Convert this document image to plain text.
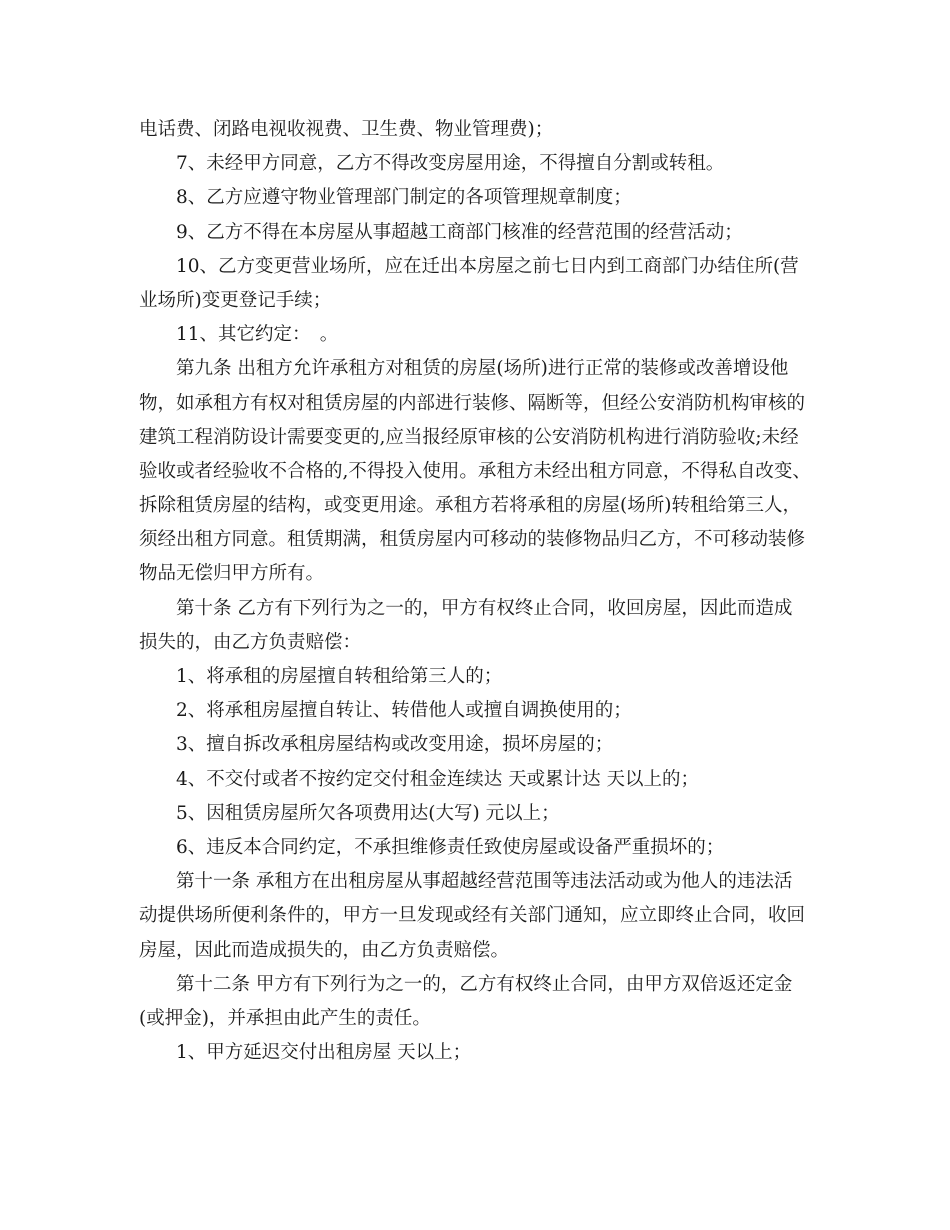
电话费、闭路电视收视费、卫生费、物业管理费)；
7、未经甲方同意，乙方不得改变房屋用途，不得擅自分割或转租。
8、乙方应遵守物业管理部门制定的各项管理规章制度；
9、乙方不得在本房屋从事超越工商部门核准的经营范围的经营活动；
10、乙方变更营业场所，应在迁出本房屋之前七日内到工商部门办结住所(营
业场所)变更登记手续；
11、其它约定：　。
第九条 出租方允许承租方对租赁的房屋(场所)进行正常的装修或改善增设他
物，如承租方有权对租赁房屋的内部进行装修、隔断等，但经公安消防机构审核的
建筑工程消防设计需要变更的,应当报经原审核的公安消防机构进行消防验收;未经
验收或者经验收不合格的,不得投入使用。承租方未经出租方同意，不得私自改变、
拆除租赁房屋的结构，或变更用途。承租方若将承租的房屋(场所)转租给第三人，
须经出租方同意。租赁期满，租赁房屋内可移动的装修物品归乙方，不可移动装修
物品无偿归甲方所有。
第十条 乙方有下列行为之一的，甲方有权终止合同，收回房屋，因此而造成
损失的，由乙方负责赔偿：
1、将承租的房屋擅自转租给第三人的；
2、将承租房屋擅自转让、转借他人或擅自调换使用的；
3、擅自拆改承租房屋结构或改变用途，损坏房屋的；
4、不交付或者不按约定交付租金连续达 天或累计达 天以上的；
5、因租赁房屋所欠各项费用达(大写) 元以上；
6、违反本合同约定，不承担维修责任致使房屋或设备严重损坏的；
第十一条 承租方在出租房屋从事超越经营范围等违法活动或为他人的违法活
动提供场所便利条件的，甲方一旦发现或经有关部门通知，应立即终止合同，收回
房屋，因此而造成损失的，由乙方负责赔偿。
第十二条 甲方有下列行为之一的，乙方有权终止合同，由甲方双倍返还定金
(或押金)，并承担由此产生的责任。
1、甲方延迟交付出租房屋 天以上；
